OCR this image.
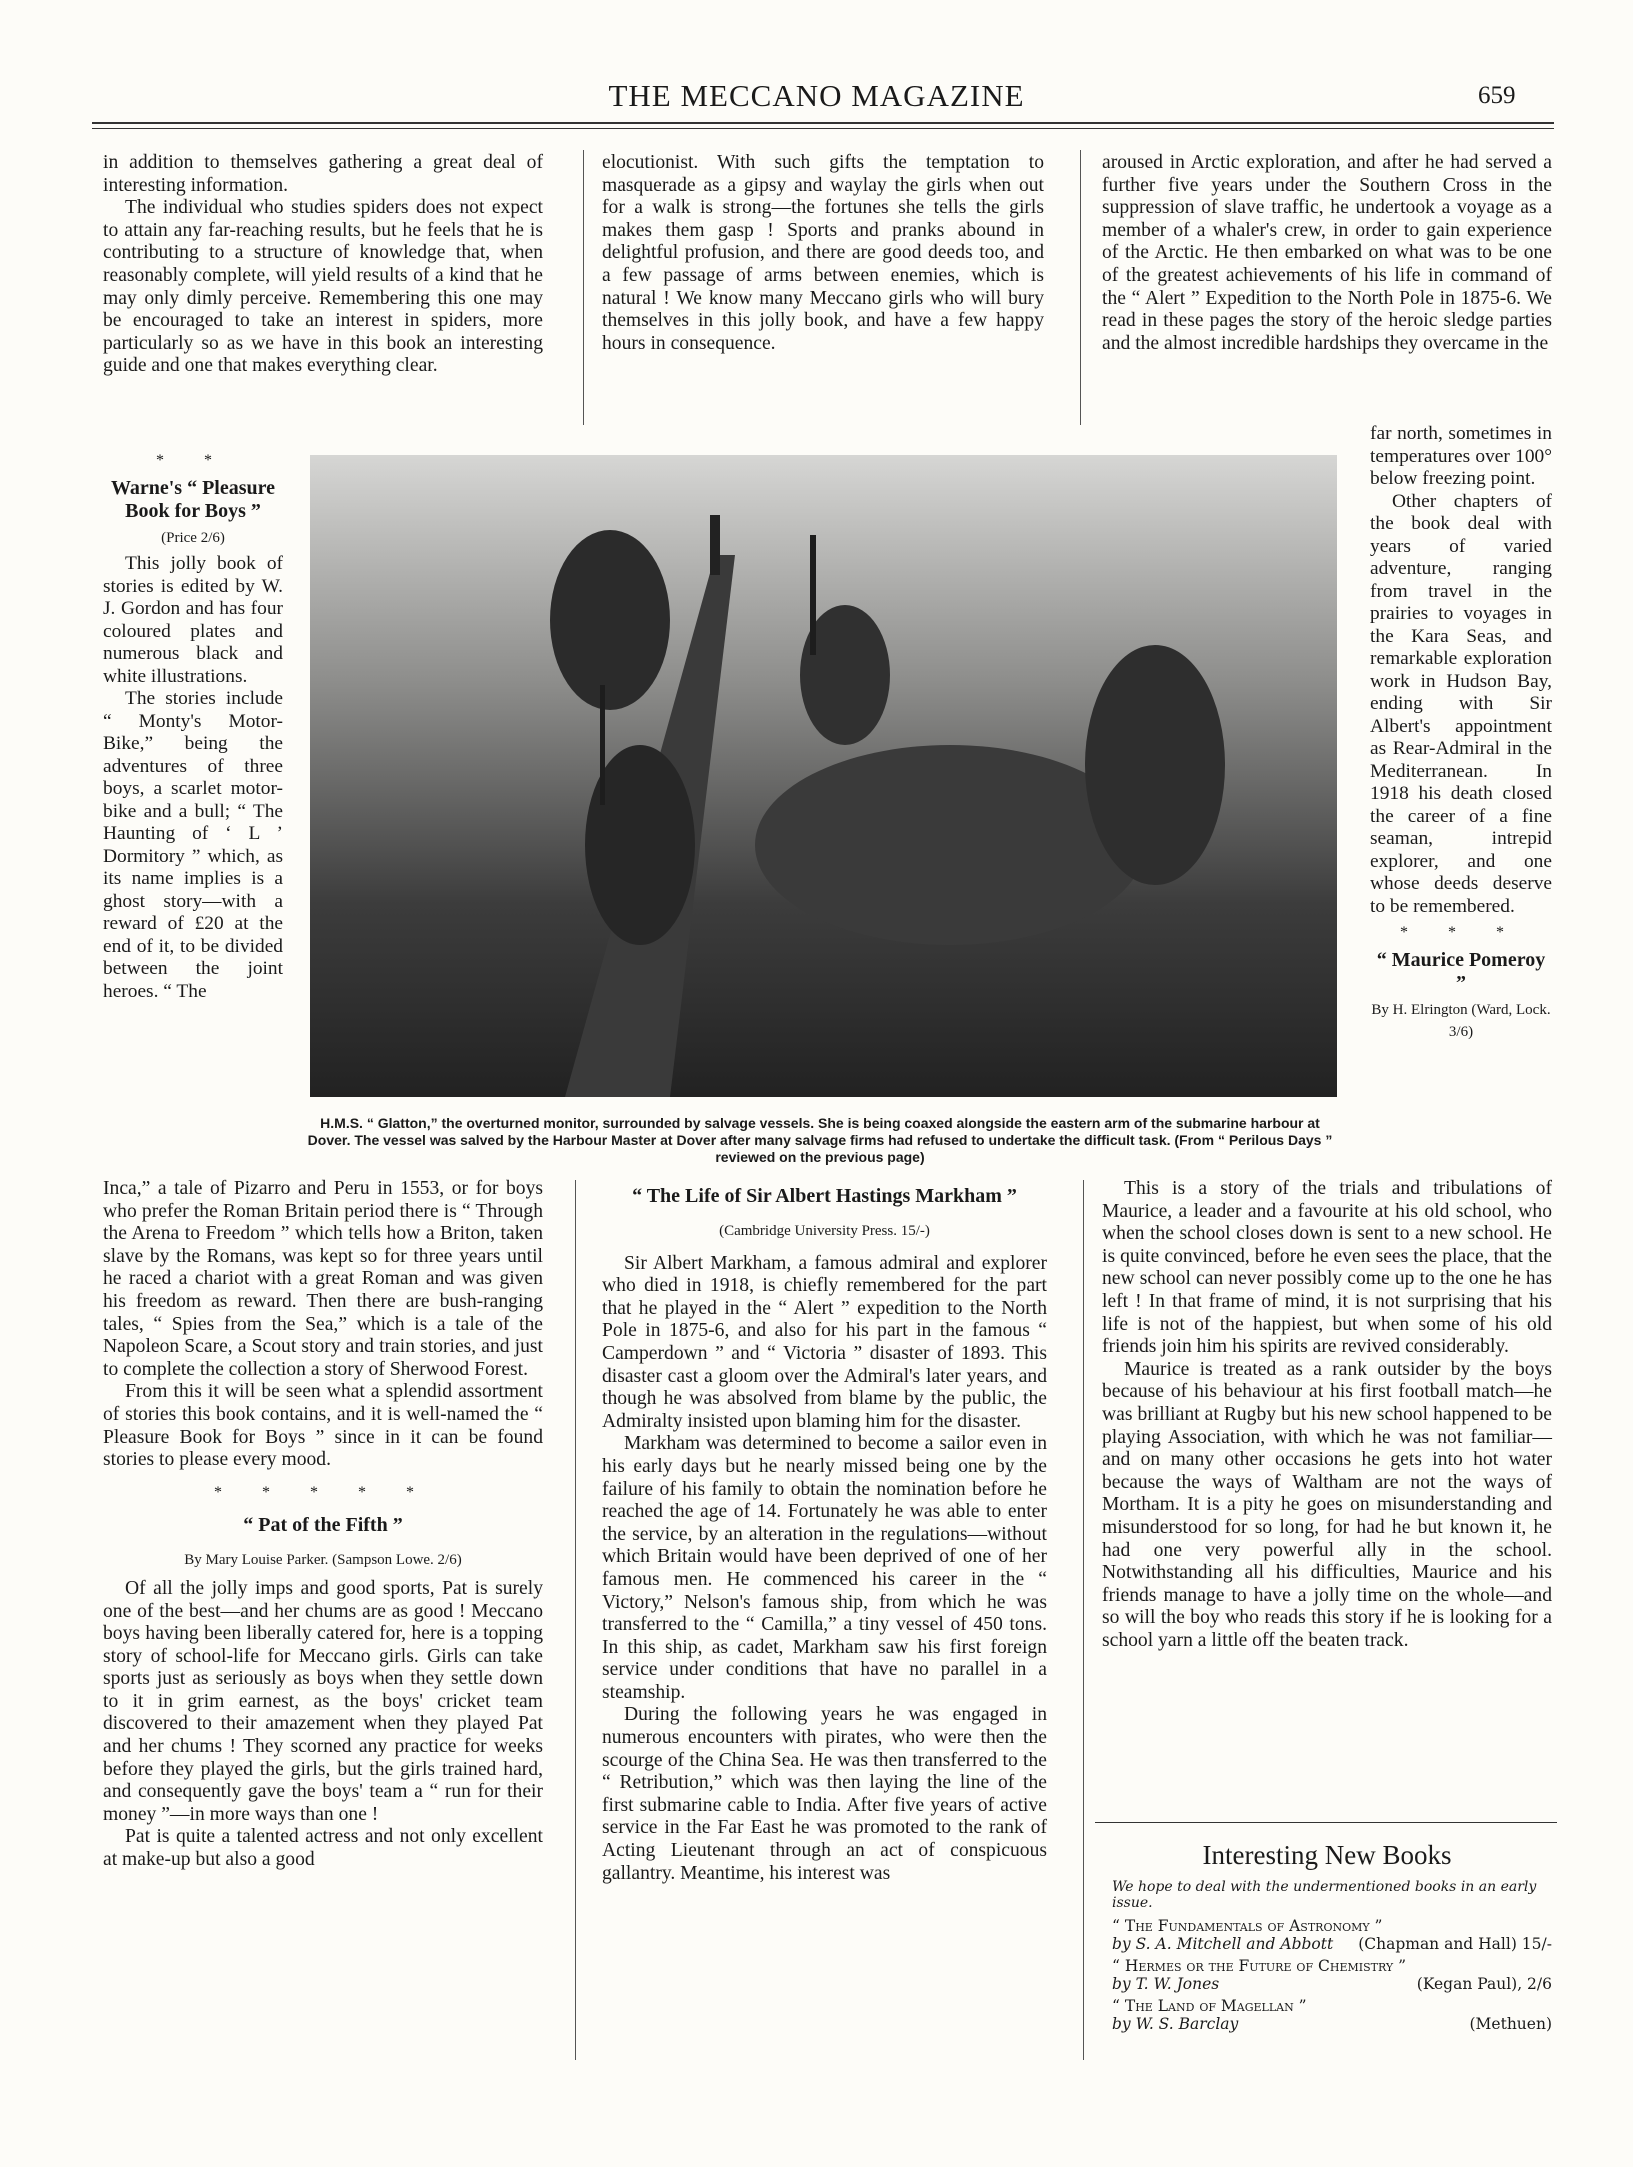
THE MECCANO MAGAZINE	659

in addition to themselves gathering a great deal of interesting information.

The individual who studies spiders does not expect to attain any far-reaching results, but he feels that he is contributing to a structure of knowledge that, when reasonably complete, will yield results of a kind that he may only dimly perceive. Remembering this one may be encouraged to take an interest in spiders, more particularly so as we have in this book an interesting guide and one that makes everything clear.

* *
Warne's “ Pleasure Book for Boys ”
(Price 2/6)

This jolly book of stories is edited by W. J. Gordon and has four coloured plates and numerous black and white illustrations.

The stories include “ Monty's Motor-Bike,” being the adventures of three boys, a scarlet motor-bike and a bull; “ The Haunting of ‘ L ’ Dormitory ” which, as its name implies is a ghost story—with a reward of £20 at the end of it, to be divided between the joint heroes. “ The

H.M.S. “ Glatton,” the overturned monitor, surrounded by salvage vessels. She is being coaxed alongside the eastern arm of the submarine harbour at Dover. The vessel was salved by the Harbour Master at Dover after many salvage firms had refused to undertake the difficult task. (From “ Perilous Days ” reviewed on the previous page)

Inca,” a tale of Pizarro and Peru in 1553, or for boys who prefer the Roman Britain period there is “ Through the Arena to Freedom ” which tells how a Briton, taken slave by the Romans, was kept so for three years until he raced a chariot with a great Roman and was given his freedom as reward. Then there are bush-ranging tales, “ Spies from the Sea,” which is a tale of the Napoleon Scare, a Scout story and train stories, and just to complete the collection a story of Sherwood Forest.

From this it will be seen what a splendid assortment of stories this book contains, and it is well-named the “ Pleasure Book for Boys ” since in it can be found stories to please every mood.

* * * * *
“ Pat of the Fifth ”
By Mary Louise Parker. (Sampson Lowe. 2/6)

Of all the jolly imps and good sports, Pat is surely one of the best—and her chums are as good ! Meccano boys having been liberally catered for, here is a topping story of school-life for Meccano girls. Girls can take sports just as seriously as boys when they settle down to it in grim earnest, as the boys' cricket team discovered to their amazement when they played Pat and her chums ! They scorned any practice for weeks before they played the girls, but the girls trained hard, and consequently gave the boys' team a “ run for their money ”—in more ways than one !

Pat is quite a talented actress and not only excellent at make-up but also a good

elocutionist. With such gifts the temptation to masquerade as a gipsy and waylay the girls when out for a walk is strong—the fortunes she tells the girls makes them gasp ! Sports and pranks abound in delightful profusion, and there are good deeds too, and a few passage of arms between enemies, which is natural ! We know many Meccano girls who will bury themselves in this jolly book, and have a few happy hours in consequence.

“ The Life of Sir Albert Hastings Markham ”
(Cambridge University Press. 15/-)

Sir Albert Markham, a famous admiral and explorer who died in 1918, is chiefly remembered for the part that he played in the “ Alert ” expedition to the North Pole in 1875-6, and also for his part in the famous “ Camperdown ” and “ Victoria ” disaster of 1893. This disaster cast a gloom over the Admiral's later years, and though he was absolved from blame by the public, the Admiralty insisted upon blaming him for the disaster.

Markham was determined to become a sailor even in his early days but he nearly missed being one by the failure of his family to obtain the nomination before he reached the age of 14. Fortunately he was able to enter the service, by an alteration in the regulations—without which Britain would have been deprived of one of her famous men. He commenced his career in the “ Victory,” Nelson's famous ship, from which he was transferred to the “ Camilla,” a tiny vessel of 450 tons. In this ship, as cadet, Markham saw his first foreign service under conditions that have no parallel in a steamship.

During the following years he was engaged in numerous encounters with pirates, who were then the scourge of the China Sea. He was then transferred to the “ Retribution,” which was then laying the line of the first submarine cable to India. After five years of active service in the Far East he was promoted to the rank of Acting Lieutenant through an act of conspicuous gallantry. Meantime, his interest was

aroused in Arctic exploration, and after he had served a further five years under the Southern Cross in the suppression of slave traffic, he undertook a voyage as a member of a whaler's crew, in order to gain experience of the Arctic. He then embarked on what was to be one of the greatest achievements of his life in command of the “ Alert ” Expedition to the North Pole in 1875-6. We read in these pages the story of the heroic sledge parties and the almost incredible hardships they overcame in the

far north, sometimes in temperatures over 100° below freezing point.

Other chapters of the book deal with years of varied adventure, ranging from travel in the prairies to voyages in the Kara Seas, and remarkable exploration work in Hudson Bay, ending with Sir Albert's appointment as Rear-Admiral in the Mediterranean. In 1918 his death closed the career of a fine seaman, intrepid explorer, and one whose deeds deserve to be remembered.

* * *
“ Maurice Pomeroy ”
By H. Elrington (Ward, Lock. 3/6)

This is a story of the trials and tribulations of Maurice, a leader and a favourite at his old school, who when the school closes down is sent to a new school. He is quite convinced, before he even sees the place, that the new school can never possibly come up to the one he has left ! In that frame of mind, it is not surprising that his life is not of the happiest, but when some of his old friends join him his spirits are revived considerably.

Maurice is treated as a rank outsider by the boys because of his behaviour at his first football match—he was brilliant at Rugby but his new school happened to be playing Association, with which he was not familiar—and on many other occasions he gets into hot water because the ways of Waltham are not the ways of Mortham. It is a pity he goes on misunderstanding and misunderstood for so long, for had he but known it, he had one very powerful ally in the school. Notwithstanding all his difficulties, Maurice and his friends manage to have a jolly time on the whole—and so will the boy who reads this story if he is looking for a school yarn a little off the beaten track.

Interesting New Books
We hope to deal with the undermentioned books in an early issue.
“ The Fundamentals of Astronomy ”
by S. A. Mitchell and Abbott (Chapman and Hall) 15/-
“ Hermes or the Future of Chemistry ”
by T. W. Jones	(Kegan Paul), 2/6
“ The Land of Magellan ”
by W. S. Barclay	(Methuen)
